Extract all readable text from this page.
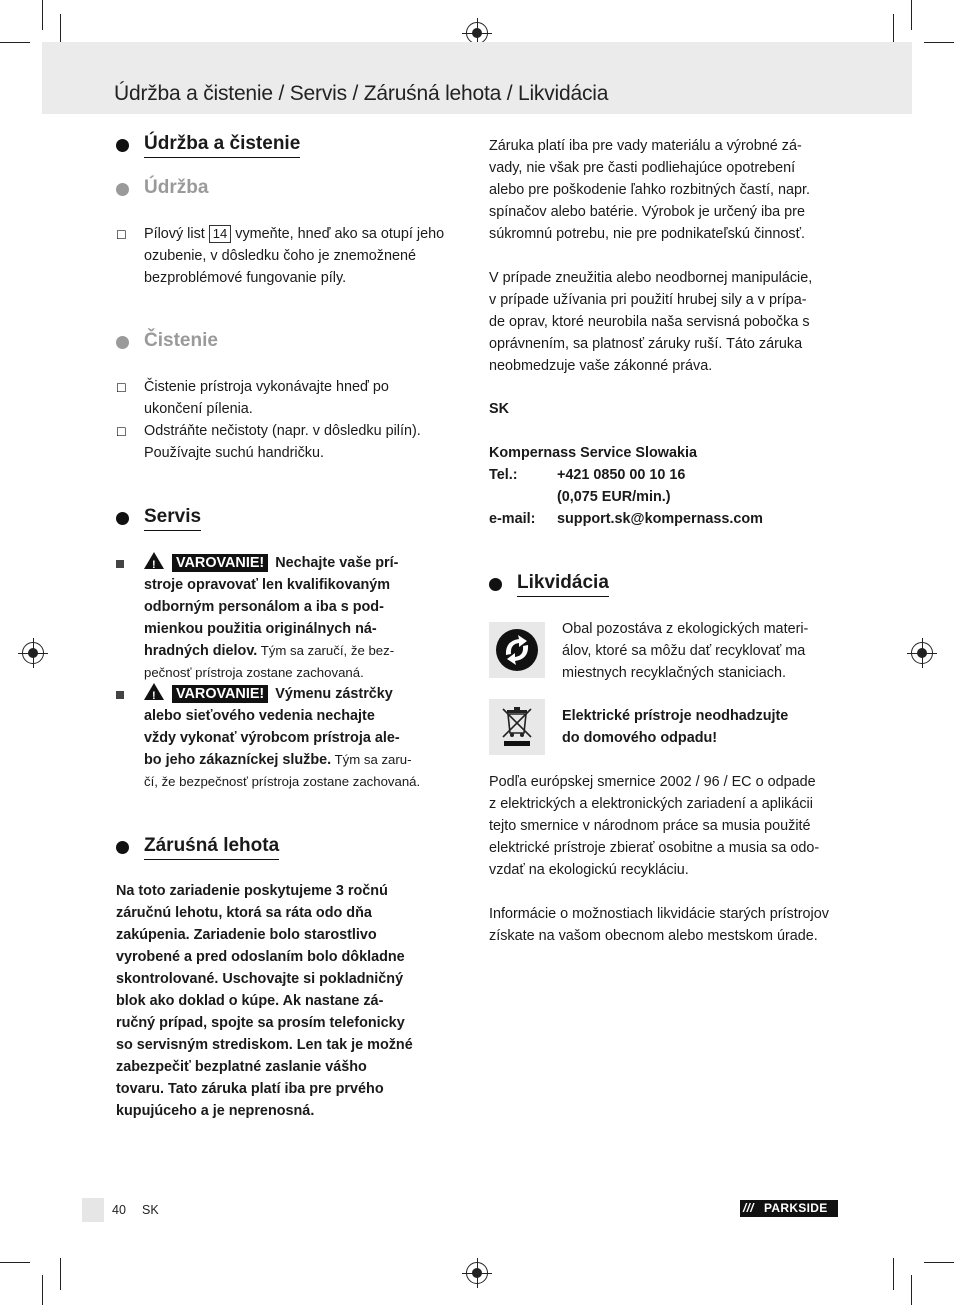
Údržba a čistenie / Servis / Záruśná lehota / Likvidácia
Údržba a čistenie
Údržba
☐ Pílový list 14 vymeňte, hneď ako sa otupí jeho
ozubenie, v dôsledku čoho je znemožnené
bezproblémové fungovanie píly.
Čistenie
☐ Čistenie prístroja vykonávajte hneď po
ukončení pílenia.
☐ Odstráňte nečistoty (napr. v dôsledku pilín).
Používajte suchú handričku.
Servis
!VAROVANIE! Nechajte vaše prí-
stroje opravovať len kvalifikovaným
odborným personálom a iba s pod-
mienkou použitia originálnych ná-
hradných dielov. Tým sa zaručí, že bez-
pečnosť prístroja zostane zachovaná.
!VAROVANIE! Výmenu zástrčky
alebo sieťového vedenia nechajte
vždy vykonať výrobcom prístroja ale-
bo jeho zákazníckej službe. Tým sa zaru-
čí, že bezpečnosť prístroja zostane zachovaná.
Záruśná lehota
Na toto zariadenie poskytujeme 3 ročnú
záručnú lehotu, ktorá sa ráta odo dňa
zakúpenia. Zariadenie bolo starostlivo
vyrobené a pred odoslaním bolo dôkladne
skontrolované. Uschovajte si pokladničný
blok ako doklad o kúpe. Ak nastane zá-
ručný prípad, spojte sa prosím telefonicky
so servisným strediskom. Len tak je možné
zabezpečiť bezplatné zaslanie vášho
tovaru. Tato záruka platí iba pre prvého
kupujúceho a je neprenosná.
Záruka platí iba pre vady materiálu a výrobné zá-
vady, nie však pre časti podliehajúce opotrebení
alebo pre poškodenie ľahko rozbitných častí, napr.
spínačov alebo batérie. Výrobok je určený iba pre
súkromnú potrebu, nie pre podnikateľskú činnosť.
V prípade zneužitia alebo neodbornej manipulácie,
v prípade užívania pri použití hrubej sily a v prípa-
de oprav, ktoré neurobila naša servisná pobočka s
oprávnením, sa platnosť záruky ruší. Táto záruka
neobmedzuje vaše zákonné práva.
SK

Kompernass Service Slowakia
Tel.:	+421 0850 00 10 16
(0,075 EUR/min.)
e-mail: support.sk@kompernass.com
Likvidácia
Obal pozostáva z ekologických materi-
álov, ktoré sa môžu dať recyklovať ma
miestnych recyklačných staniciach.
Elektrické prístroje neodhadzujte
do domového odpadu!
Podľa európskej smernice 2002 / 96 / EC o odpade
z elektrických a elektronických zariadení a aplikácii
tejto smernice v národnom práce sa musia použité
elektrické prístroje zbierať osobitne a musia sa odo-
vzdať na ekologickú recykláciu.
Informácie o možnostiach likvidácie starých prístrojov
získate na vašom obecnom alebo mestskom úrade.
40 SK	/// PARKSIDE
